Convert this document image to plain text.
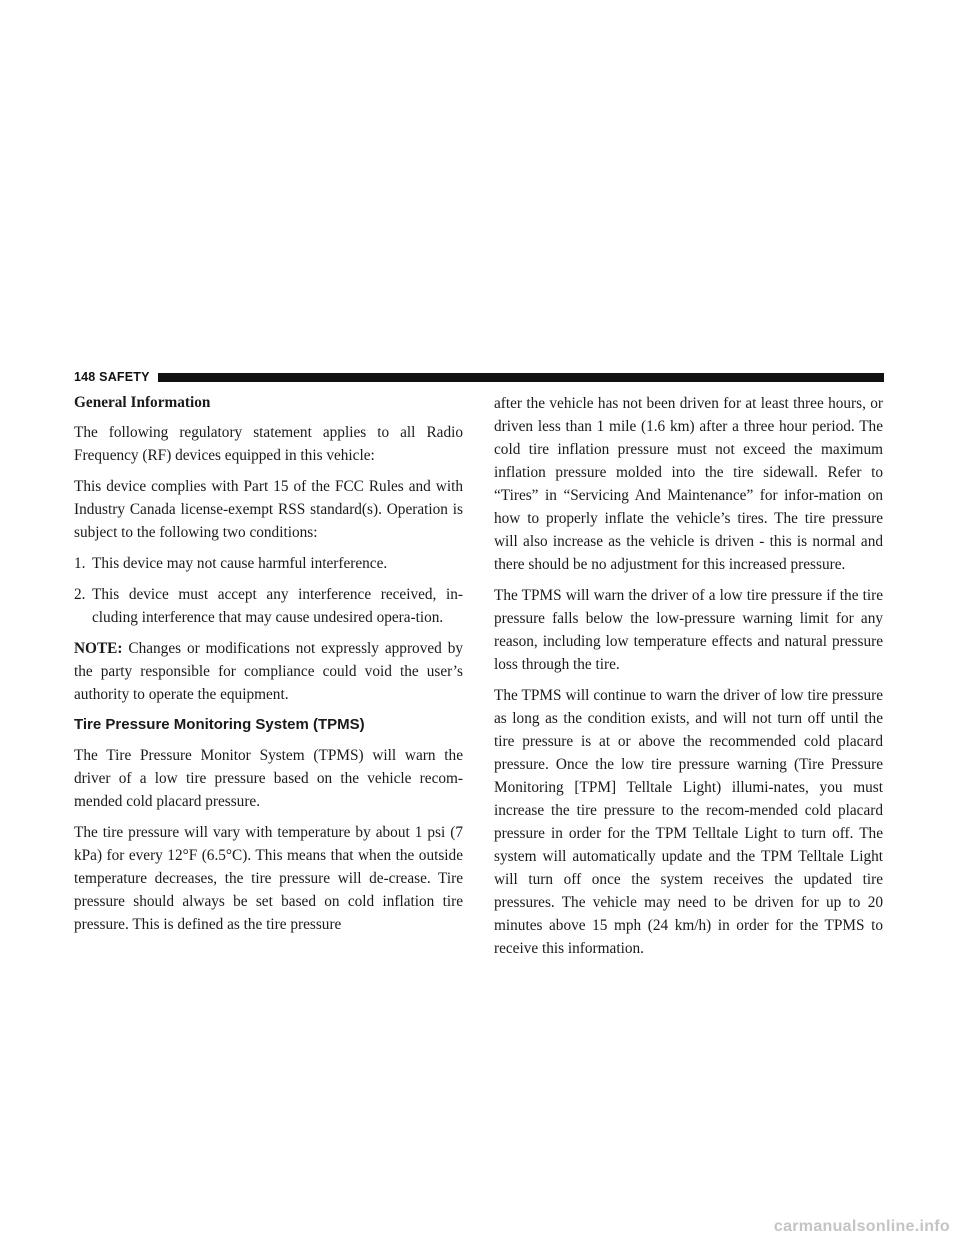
148 SAFETY
General Information

The following regulatory statement applies to all Radio Frequency (RF) devices equipped in this vehicle:

This device complies with Part 15 of the FCC Rules and with Industry Canada license-exempt RSS standard(s). Operation is subject to the following two conditions:

1. This device may not cause harmful interference.
2. This device must accept any interference received, in-cluding interference that may cause undesired opera-tion.

NOTE: Changes or modifications not expressly approved by the party responsible for compliance could void the user’s authority to operate the equipment.

Tire Pressure Monitoring System (TPMS)

The Tire Pressure Monitor System (TPMS) will warn the driver of a low tire pressure based on the vehicle recom-mended cold placard pressure.

The tire pressure will vary with temperature by about 1 psi (7 kPa) for every 12°F (6.5°C). This means that when the outside temperature decreases, the tire pressure will de-crease. Tire pressure should always be set based on cold inflation tire pressure. This is defined as the tire pressure

after the vehicle has not been driven for at least three hours, or driven less than 1 mile (1.6 km) after a three hour period. The cold tire inflation pressure must not exceed the maximum inflation pressure molded into the tire sidewall. Refer to “Tires” in “Servicing And Maintenance” for infor-mation on how to properly inflate the vehicle’s tires. The tire pressure will also increase as the vehicle is driven - this is normal and there should be no adjustment for this increased pressure.

The TPMS will warn the driver of a low tire pressure if the tire pressure falls below the low-pressure warning limit for any reason, including low temperature effects and natural pressure loss through the tire.

The TPMS will continue to warn the driver of low tire pressure as long as the condition exists, and will not turn off until the tire pressure is at or above the recommended cold placard pressure. Once the low tire pressure warning (Tire Pressure Monitoring [TPM] Telltale Light) illumi-nates, you must increase the tire pressure to the recom-mended cold placard pressure in order for the TPM Telltale Light to turn off. The system will automatically update and the TPM Telltale Light will turn off once the system receives the updated tire pressures. The vehicle may need to be driven for up to 20 minutes above 15 mph (24 km/h) in order for the TPMS to receive this information.

carmanualsonline.info
